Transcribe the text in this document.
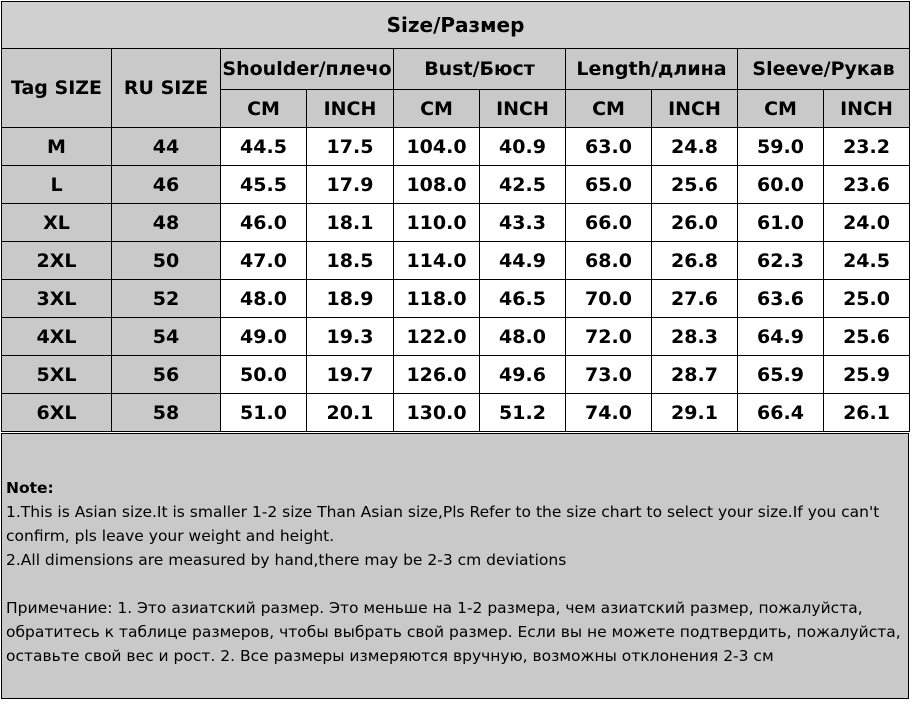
Size/Размер									
Tag SIZE	RU SIZE	Shoulder/плечо		Bust/Бюст		Length/длина		Sleeve/Рукав	
		CM	INCH	CM	INCH	CM	INCH	CM	INCH
M	44	44.5	17.5	104.0	40.9	63.0	24.8	59.0	23.2
L	46	45.5	17.9	108.0	42.5	65.0	25.6	60.0	23.6
XL	48	46.0	18.1	110.0	43.3	66.0	26.0	61.0	24.0
2XL	50	47.0	18.5	114.0	44.9	68.0	26.8	62.3	24.5
3XL	52	48.0	18.9	118.0	46.5	70.0	27.6	63.6	25.0
4XL	54	49.0	19.3	122.0	48.0	72.0	28.3	64.9	25.6
5XL	56	50.0	19.7	126.0	49.6	73.0	28.7	65.9	25.9
6XL	58	51.0	20.1	130.0	51.2	74.0	29.1	66.4	26.1

Note:

1.This is Asian size.It is smaller 1-2 size Than Asian size,Pls Refer to the size chart to select your size.If you can't confirm, pls leave your weight and height.

2.All dimensions are measured by hand,there may be 2-3 cm deviations

Примечание: 1. Это азиатский размер. Это меньше на 1-2 размера, чем азиатский размер, пожалуйста, обратитесь к таблице размеров, чтобы выбрать свой размер. Если вы не можете подтвердить, пожалуйста, оставьте свой вес и рост. 2. Все размеры измеряются вручную, возможны отклонения 2-3 см
